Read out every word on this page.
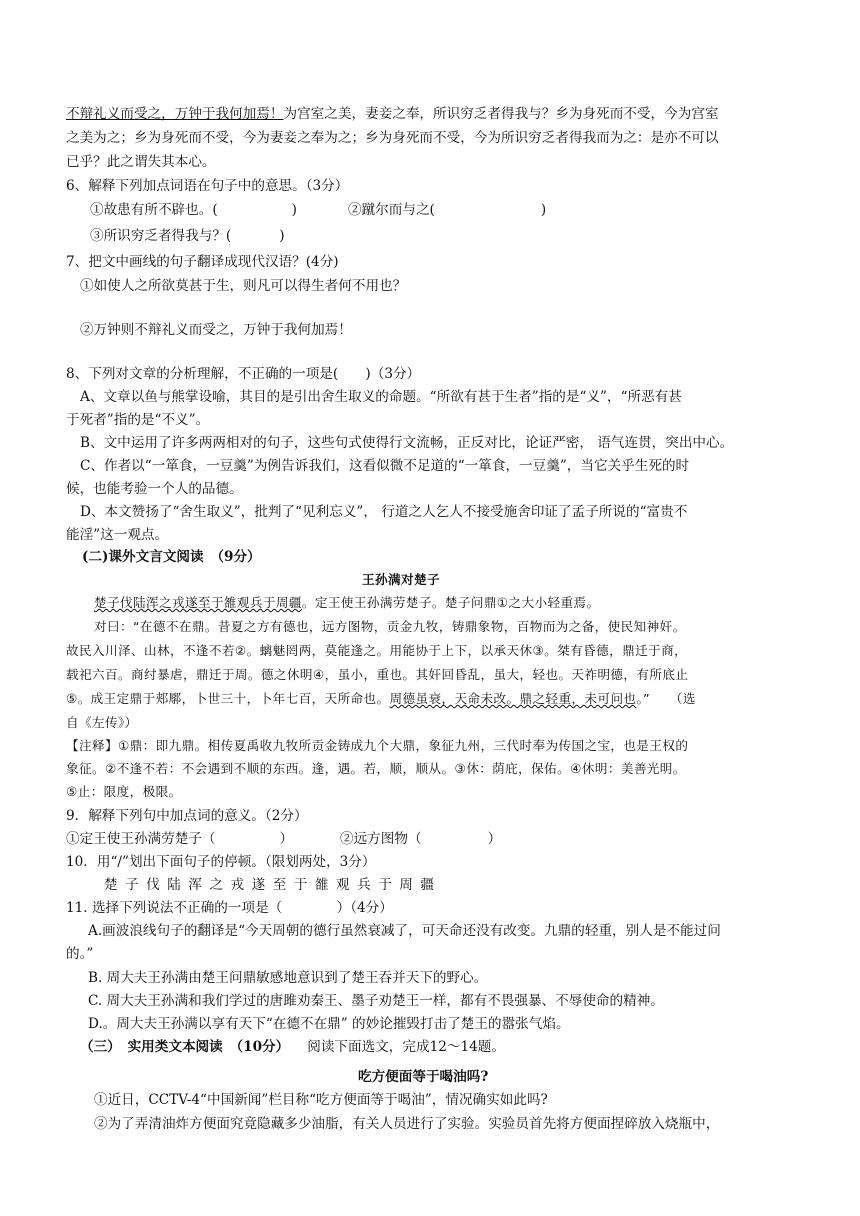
不辩礼义而受之，万钟于我何加焉！为宫室之美，妻妾之奉，所识穷乏者得我与？乡为身死而不受，今为宫室
之美为之；乡为身死而不受，今为妻妾之奉为之；乡为身死而不受，今为所识穷乏者得我而为之：是亦不可以
已乎？此之谓失其本心。
6、解释下列加点词语在句子中的意思。（3分）
①故患有所不辟也。(	)	②蹴尔而与之(	)
③所识穷乏者得我与？(	)
7、把文中画线的句子翻译成现代汉语？(4分)
①如使人之所欲莫甚于生，则凡可以得生者何不用也？
②万钟则不辩礼义而受之，万钟于我何加焉！
8、下列对文章的分析理解，不正确的一项是(　　)（3分）
A、文章以鱼与熊掌设喻，其目的是引出舍生取义的命题。“所欲有甚于生者”指的是“义”，“所恶有甚
于死者”指的是“不义”。
B、文中运用了许多两两相对的句子，这些句式使得行文流畅，正反对比，论证严密， 语气连贯，突出中心。
C、作者以“一箪食，一豆羹”为例告诉我们，这看似微不足道的“一箪食，一豆羹”，当它关乎生死的时
候，也能考验一个人的品德。
D、本文赞扬了“舍生取义”，批判了“见利忘义”， 行道之人乞人不接受施舍印证了孟子所说的“富贵不
能淫”这一观点。
(二)课外文言文阅读　（9分）
王孙满对楚子
楚子伐陆浑之戎遂至于雒观兵于周疆。定王使王孙满劳楚子。楚子问鼎①之大小轻重焉。
对曰：“在德不在鼎。昔夏之方有德也，远方图物，贡金九牧，铸鼎象物，百物而为之备，使民知神奸。
故民入川泽、山林，不逢不若②。螭魅罔两，莫能逢之。用能协于上下，以承天休③。桀有昏德，鼎迁于商，
载祀六百。商纣暴虐，鼎迁于周。德之休明④，虽小，重也。其奸回昏乱，虽大，轻也。天祚明德，有所底止
⑤。成王定鼎于郏鄏，卜世三十，卜年七百，天所命也。周德虽衰，天命未改。鼎之轻重，未可问也。”　　（选
自《左传》）
【注释】①鼎：即九鼎。相传夏禹收九牧所贡金铸成九个大鼎，象征九州，三代时奉为传国之宝，也是王权的
象征。②不逢不若：不会遇到不顺的东西。逢，遇。若，顺，顺从。③休：荫庇，保佑。④休明：美善光明。
⑤止：限度，极限。
9．解释下列句中加点词的意义。（2分）
①定王使王孙满劳楚子（	）	②远方图物（	）
10．用“/”划出下面句子的停顿。（限划两处，3分）
楚子伐陆浑之戎遂至于雒观兵于周疆
11. 选择下列说法不正确的一项是（　　　　）（4分）
A.画波浪线句子的翻译是“今天周朝的德行虽然衰减了，可天命还没有改变。九鼎的轻重，别人是不能过问
的。”
B. 周大夫王孙满由楚王问鼎敏感地意识到了楚王吞并天下的野心。
C. 周大夫王孙满和我们学过的唐雎劝秦王、墨子劝楚王一样，都有不畏强暴、不辱使命的精神。
D.。周大夫王孙满以享有天下“在德不在鼎” 的妙论摧毁打击了楚王的嚣张气焰。
（三）　实用类文本阅读　（10分） 阅读下面选文，完成12～14题。
吃方便面等于喝油吗?
①近日，CCTV-4“中国新闻”栏目称“吃方便面等于喝油”，情况确实如此吗?
②为了弄清油炸方便面究竟隐藏多少油脂，有关人员进行了实验。实验员首先将方便面捏碎放入烧瓶中，
